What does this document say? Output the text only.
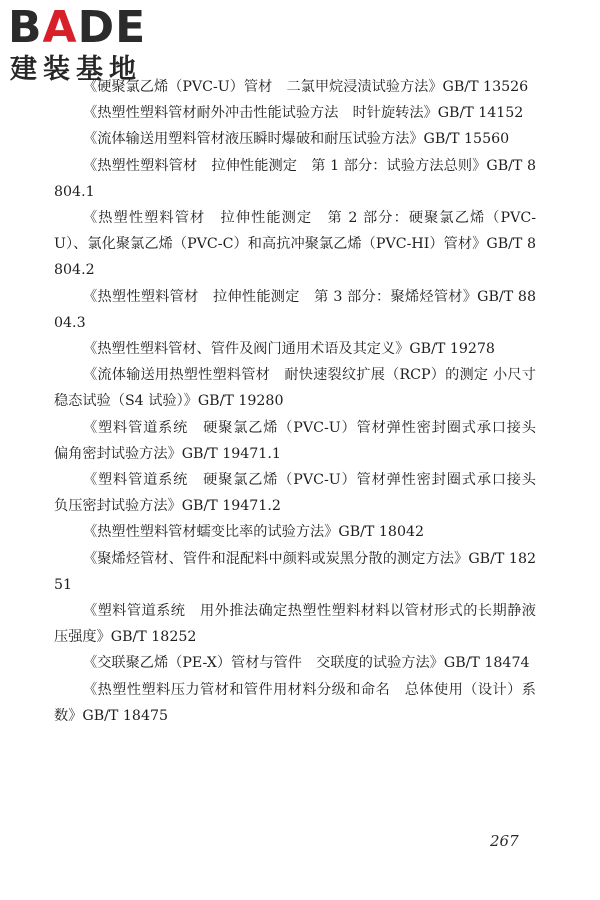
B A D E
建装基地

《硬聚氯乙烯（PVC-U）管材　二氯甲烷浸渍试验方法》GB/T 13526

《热塑性塑料管材耐外冲击性能试验方法　时针旋转法》GB/T 14152

《流体输送用塑料管材液压瞬时爆破和耐压试验方法》GB/T 15560

《热塑性塑料管材　拉伸性能测定　第 1 部分：试验方法总则》GB/T 8804.1

《热塑性塑料管材　拉伸性能测定　第 2 部分：硬聚氯乙烯（PVC-U）、氯化聚氯乙烯（PVC-C）和高抗冲聚氯乙烯（PVC-HI）管材》GB/T 8804.2

《热塑性塑料管材　拉伸性能测定　第 3 部分：聚烯烃管材》GB/T 8804.3

《热塑性塑料管材、管件及阀门通用术语及其定义》GB/T 19278

《流体输送用热塑性塑料管材　耐快速裂纹扩展（RCP）的测定 小尺寸稳态试验（S4 试验）》GB/T 19280

《塑料管道系统　硬聚氯乙烯（PVC-U）管材弹性密封圈式承口接头　偏角密封试验方法》GB/T 19471.1

《塑料管道系统　硬聚氯乙烯（PVC-U）管材弹性密封圈式承口接头　负压密封试验方法》GB/T 19471.2

《热塑性塑料管材蠕变比率的试验方法》GB/T 18042

《聚烯烃管材、管件和混配料中颜料或炭黑分散的测定方法》GB/T 18251

《塑料管道系统　用外推法确定热塑性塑料材料以管材形式的长期静液压强度》GB/T 18252

《交联聚乙烯（PE-X）管材与管件　交联度的试验方法》GB/T 18474

《热塑性塑料压力管材和管件用材料分级和命名　总体使用（设计）系数》GB/T 18475

267
